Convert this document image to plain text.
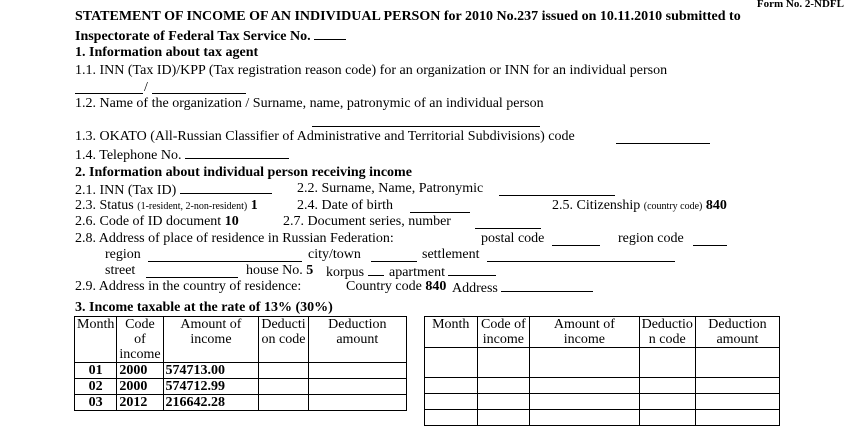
Form No. 2-NDFL
STATEMENT OF INCOME OF AN INDIVIDUAL PERSON for 2010 No.237 issued on 10.11.2010 submitted to
Inspectorate of Federal Tax Service No.
1. Information about tax agent
1.1. INN (Tax ID)/KPP (Tax registration reason code) for an organization or INN for an individual person
/
1.2. Name of the organization / Surname, name, patronymic of an individual person
1.3. OKATO (All-Russian Classifier of Administrative and Territorial Subdivisions) code
1.4. Telephone No.
2. Information about individual person receiving income
2.1. INN (Tax ID)	2.2. Surname, Name, Patronymic
2.3. Status (1-resident, 2-non-resident) 1	2.4. Date of birth	2.5. Citizenship (country code) 840
2.6. Code of ID document 10	2.7. Document series, number
2.8. Address of place of residence in Russian Federation:	postal code	region code
region	city/town	settlement
street	house No. 5 korpus	apartment
2.9. Address in the country of residence:	Country code 840 Address
3. Income taxable at the rate of 13% (30%)
Month	Code of income	Amount of income	Deducti on code	Deduction amount
01	2000	574713.00		
02	2000	574712.99		
03	2012	216642.28		
Month	Code of income	Amount of income	Deductio n code	Deduction amount
